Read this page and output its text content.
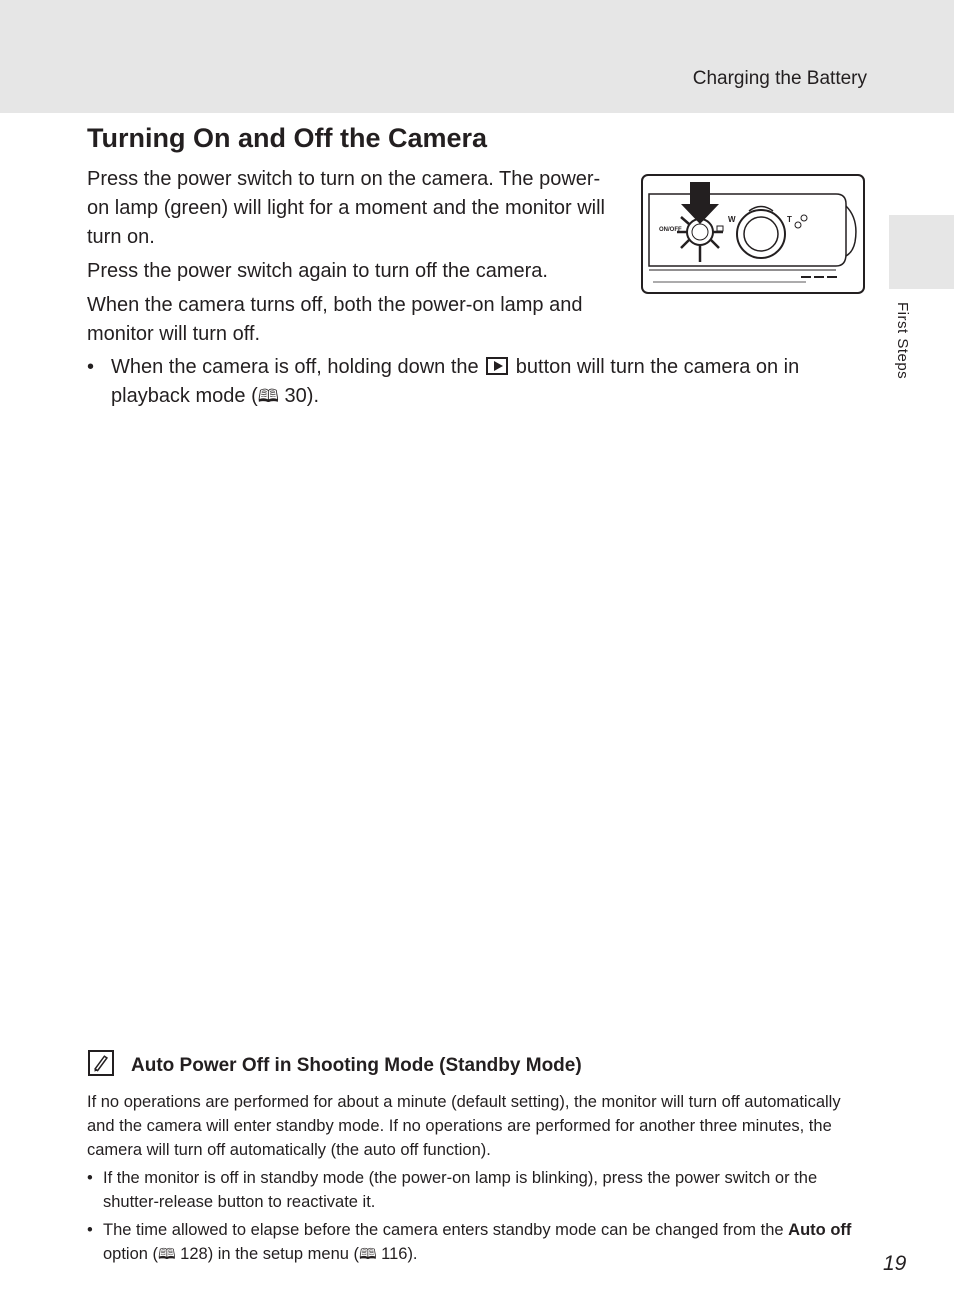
Charging the Battery
First Steps
Turning On and Off the Camera

Press the power switch to turn on the camera. The power-on lamp (green) will light for a moment and the monitor will turn on.

Press the power switch again to turn off the camera.

When the camera turns off, both the power-on lamp and monitor will turn off.

ON/OFF
W	T
• When the camera is off, holding down the button will turn the camera on in playback mode (🕮 30).
Auto Power Off in Shooting Mode (Standby Mode)

If no operations are performed for about a minute (default setting), the monitor will turn off automatically and the camera will enter standby mode. If no operations are performed for another three minutes, the camera will turn off automatically (the auto off function).

• If the monitor is off in standby mode (the power-on lamp is blinking), press the power switch or the shutter-release button to reactivate it.
• The time allowed to elapse before the camera enters standby mode can be changed from the Auto off option (🕮 128) in the setup menu (🕮 116).	19
